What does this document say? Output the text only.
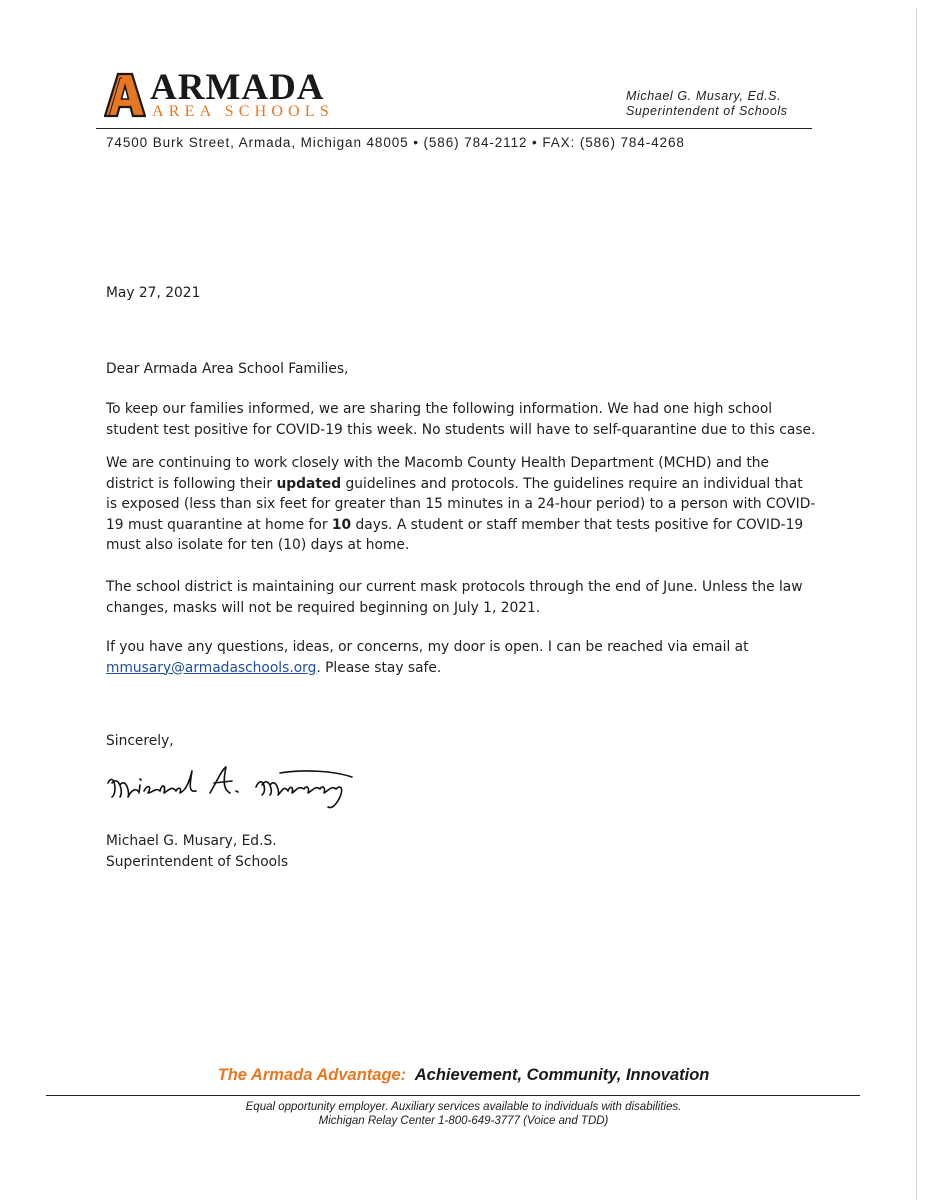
ARMADA
AREA SCHOOLS
Michael G. Musary, Ed.S.
Superintendent of Schools
74500 Burk Street, Armada, Michigan 48005 • (586) 784-2112 • FAX: (586) 784-4268

May 27, 2021

Dear Armada Area School Families,

To keep our families informed, we are sharing the following information. We had one high school student test positive for COVID-19 this week. No students will have to self-quarantine due to this case.

We are continuing to work closely with the Macomb County Health Department (MCHD) and the district is following their updated guidelines and protocols. The guidelines require an individual that is exposed (less than six feet for greater than 15 minutes in a 24-hour period) to a person with COVID-19 must quarantine at home for 10 days. A student or staff member that tests positive for COVID-19 must also isolate for ten (10) days at home.

The school district is maintaining our current mask protocols through the end of June. Unless the law changes, masks will not be required beginning on July 1, 2021.

If you have any questions, ideas, or concerns, my door is open. I can be reached via email at mmusary@armadaschools.org. Please stay safe.

Sincerely,

Michael G. Musary, Ed.S.

Superintendent of Schools

The Armada Advantage: Achievement, Community, Innovation
Equal opportunity employer. Auxiliary services available to individuals with disabilities.
Michigan Relay Center 1-800-649-3777 (Voice and TDD)
